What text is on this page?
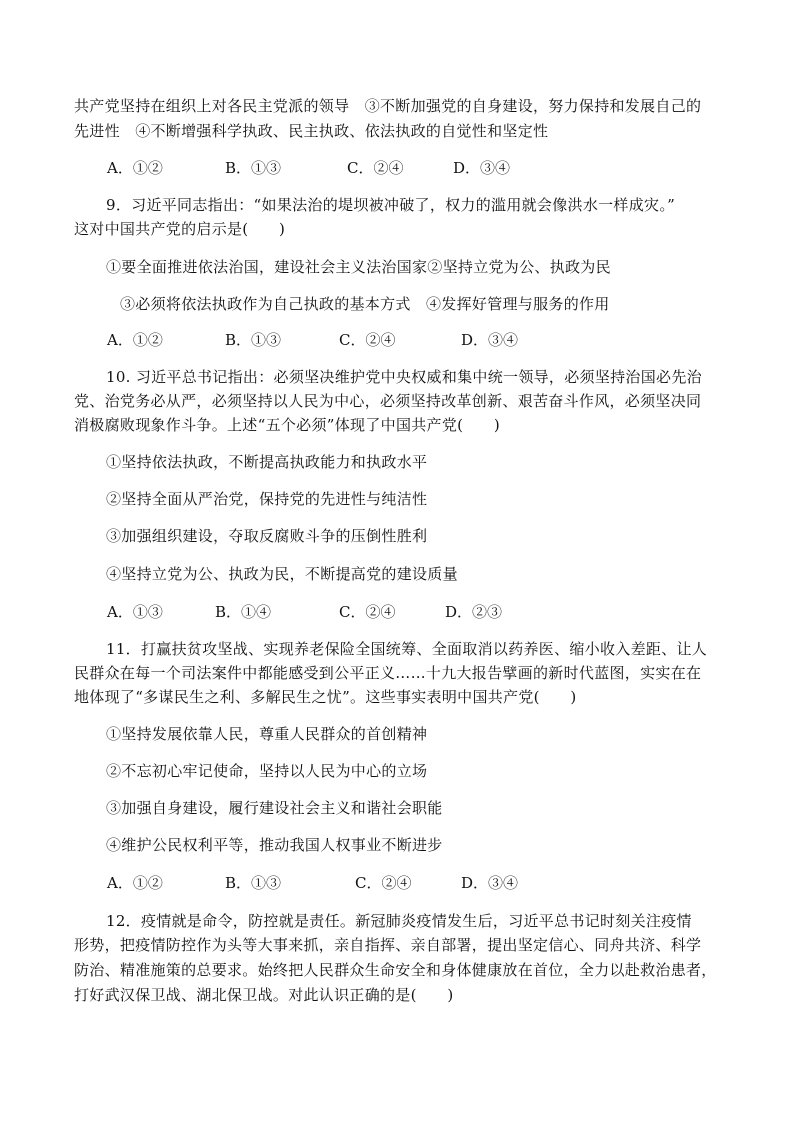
共产党坚持在组织上对各民主党派的领导　③不断加强党的自身建设，努力保持和发展自己的
先进性　④不断增强科学执政、民主执政、依法执政的自觉性和坚定性
A．①②	B．①③	C．②④	D．③④
9．习近平同志指出：“如果法治的堤坝被冲破了，权力的滥用就会像洪水一样成灾。”
这对中国共产党的启示是(　　)
①要全面推进依法治国，建设社会主义法治国家②坚持立党为公、执政为民
③必须将依法执政作为自己执政的基本方式　④发挥好管理与服务的作用
A．①②	B．①③	C．②④	D．③④
10. 习近平总书记指出：必须坚决维护党中央权威和集中统一领导，必须坚持治国必先治
党、治党务必从严，必须坚持以人民为中心，必须坚持改革创新、艰苦奋斗作风，必须坚决同
消极腐败现象作斗争。上述“五个必须”体现了中国共产党(　　)
①坚持依法执政，不断提高执政能力和执政水平
②坚持全面从严治党，保持党的先进性与纯洁性
③加强组织建设，夺取反腐败斗争的压倒性胜利
④坚持立党为公、执政为民，不断提高党的建设质量
A．①③	B．①④	C．②④	D．②③
11．打赢扶贫攻坚战、实现养老保险全国统筹、全面取消以药养医、缩小收入差距、让人
民群众在每一个司法案件中都能感受到公平正义……十九大报告擘画的新时代蓝图，实实在在
地体现了“多谋民生之利、多解民生之忧”。这些事实表明中国共产党(　　)
①坚持发展依靠人民，尊重人民群众的首创精神
②不忘初心牢记使命，坚持以人民为中心的立场
③加强自身建设，履行建设社会主义和谐社会职能
④维护公民权利平等，推动我国人权事业不断进步
A．①②	B．①③	C．②④	D．③④
12．疫情就是命令，防控就是责任。新冠肺炎疫情发生后，习近平总书记时刻关注疫情
形势，把疫情防控作为头等大事来抓，亲自指挥、亲自部署，提出坚定信心、同舟共济、科学
防治、精准施策的总要求。始终把人民群众生命安全和身体健康放在首位，全力以赴救治患者，
打好武汉保卫战、湖北保卫战。对此认识正确的是(　　)
